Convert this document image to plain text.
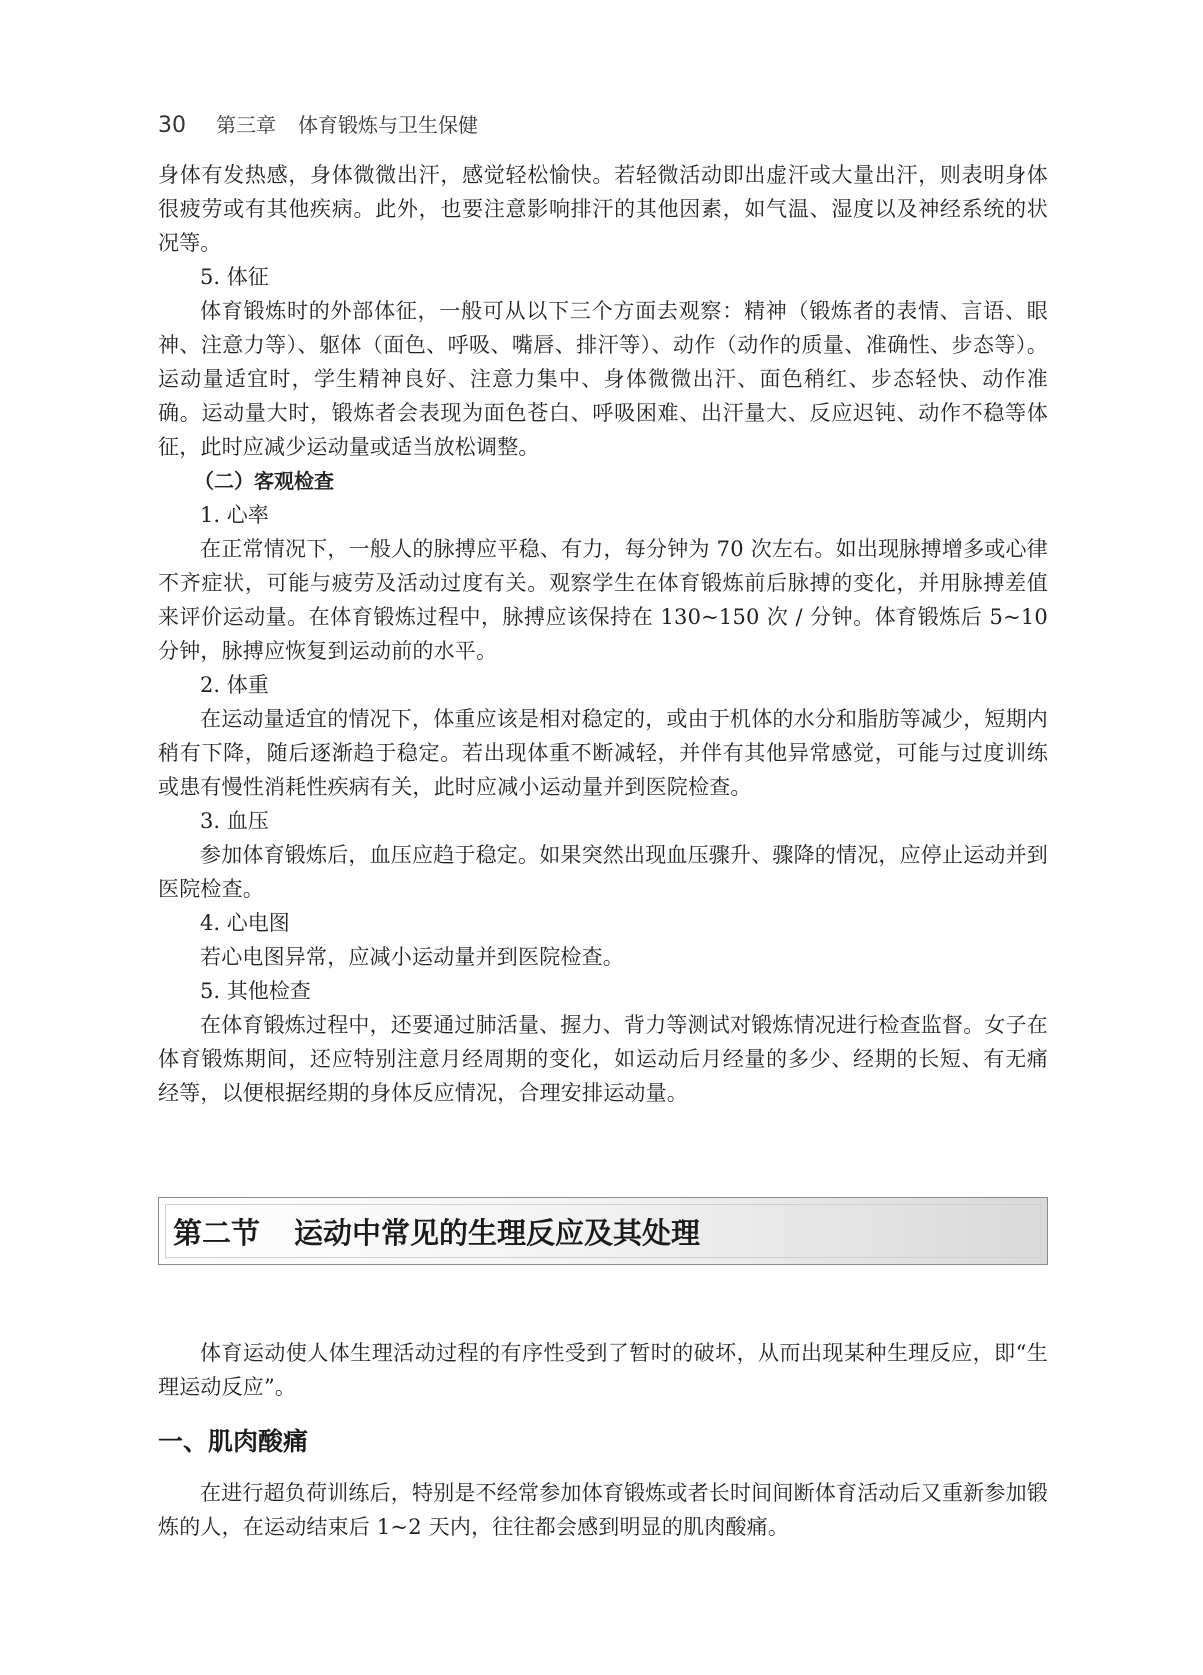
30 第三章 体育锻炼与卫生保健

身体有发热感，身体微微出汗，感觉轻松愉快。若轻微活动即出虚汗或大量出汗，则表明身体很疲劳或有其他疾病。此外，也要注意影响排汗的其他因素，如气温、湿度以及神经系统的状况等。

5. 体征

体育锻炼时的外部体征，一般可从以下三个方面去观察：精神（锻炼者的表情、言语、眼神、注意力等）、躯体（面色、呼吸、嘴唇、排汗等）、动作（动作的质量、准确性、步态等）。运动量适宜时，学生精神良好、注意力集中、身体微微出汗、面色稍红、步态轻快、动作准确。运动量大时，锻炼者会表现为面色苍白、呼吸困难、出汗量大、反应迟钝、动作不稳等体征，此时应减少运动量或适当放松调整。

（二）客观检查

1. 心率

在正常情况下，一般人的脉搏应平稳、有力，每分钟为 70 次左右。如出现脉搏增多或心律不齐症状，可能与疲劳及活动过度有关。观察学生在体育锻炼前后脉搏的变化，并用脉搏差值来评价运动量。在体育锻炼过程中，脉搏应该保持在 130~150 次 / 分钟。体育锻炼后 5~10 分钟，脉搏应恢复到运动前的水平。

2. 体重

在运动量适宜的情况下，体重应该是相对稳定的，或由于机体的水分和脂肪等减少，短期内稍有下降，随后逐渐趋于稳定。若出现体重不断减轻，并伴有其他异常感觉，可能与过度训练或患有慢性消耗性疾病有关，此时应减小运动量并到医院检查。

3. 血压

参加体育锻炼后，血压应趋于稳定。如果突然出现血压骤升、骤降的情况，应停止运动并到医院检查。

4. 心电图

若心电图异常，应减小运动量并到医院检查。

5. 其他检查

在体育锻炼过程中，还要通过肺活量、握力、背力等测试对锻炼情况进行检查监督。女子在体育锻炼期间，还应特别注意月经周期的变化，如运动后月经量的多少、经期的长短、有无痛经等，以便根据经期的身体反应情况，合理安排运动量。

第二节 运动中常见的生理反应及其处理

体育运动使人体生理活动过程的有序性受到了暂时的破坏，从而出现某种生理反应，即“生理运动反应”。

一、肌肉酸痛

在进行超负荷训练后，特别是不经常参加体育锻炼或者长时间间断体育活动后又重新参加锻炼的人，在运动结束后 1~2 天内，往往都会感到明显的肌肉酸痛。
